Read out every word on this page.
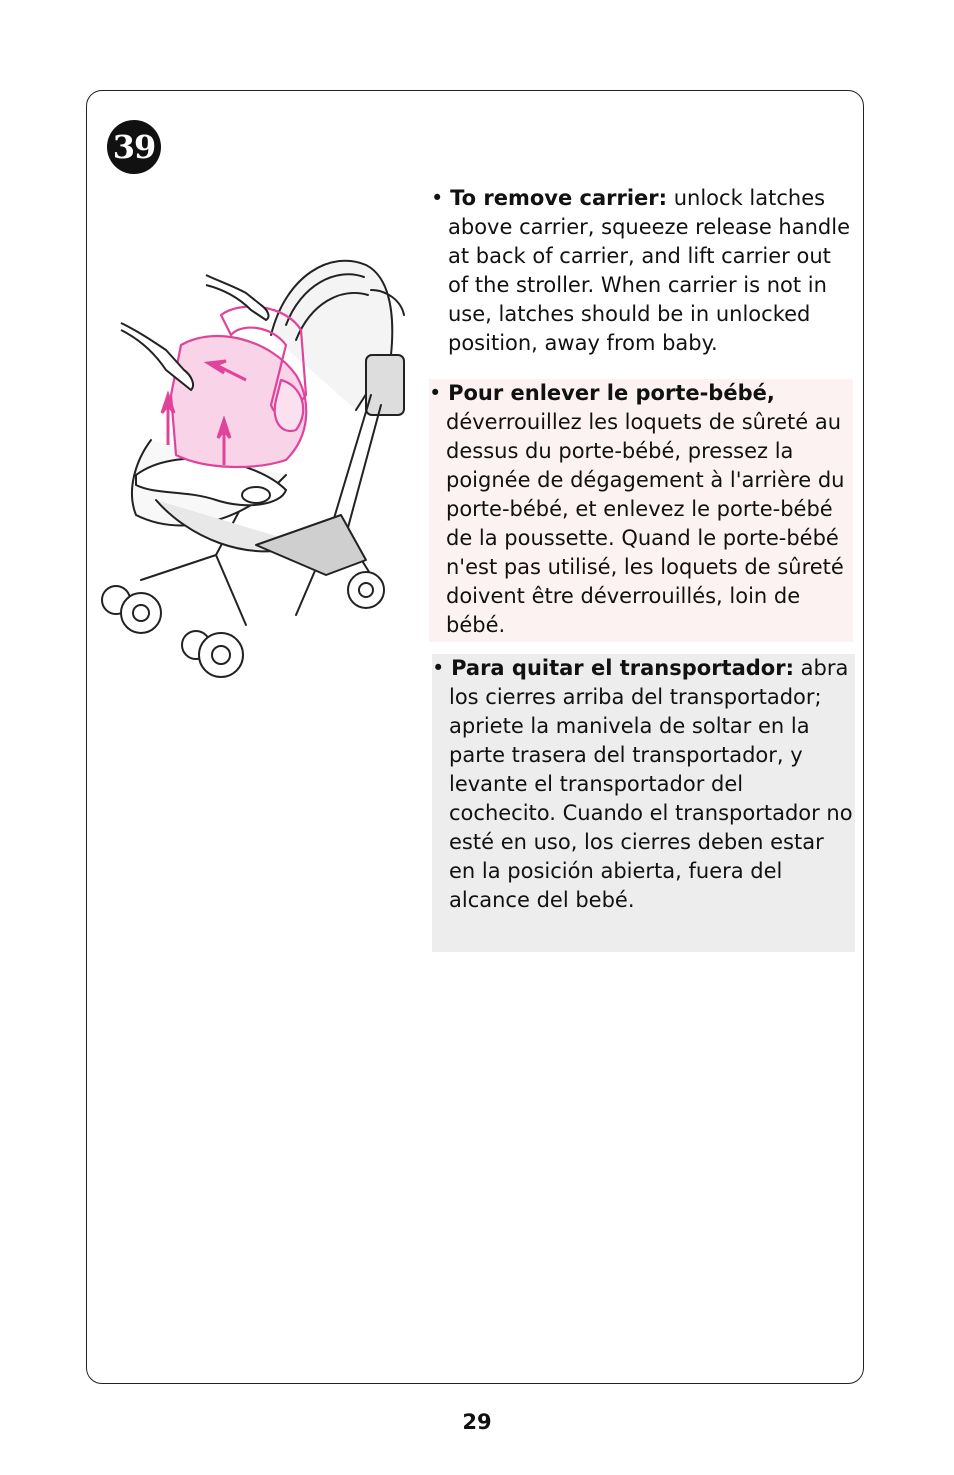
39

• To remove carrier: unlock latches above carrier, squeeze release handle at back of carrier, and lift carrier out of the stroller. When carrier is not in use, latches should be in unlocked position, away from baby.

• Pour enlever le porte-bébé, déverrouillez les loquets de sûreté au dessus du porte-bébé, pressez la poignée de dégagement à l'arrière du porte-bébé, et enlevez le porte-bébé de la poussette. Quand le porte-bébé n'est pas utilisé, les loquets de sûreté doivent être déverrouillés, loin de bébé.

• Para quitar el transportador: abra los cierres arriba del transportador; apriete la manivela de soltar en la parte trasera del transportador, y levante el transportador del cochecito. Cuando el transportador no esté en uso, los cierres deben estar en la posición abierta, fuera del alcance del bebé.

29
